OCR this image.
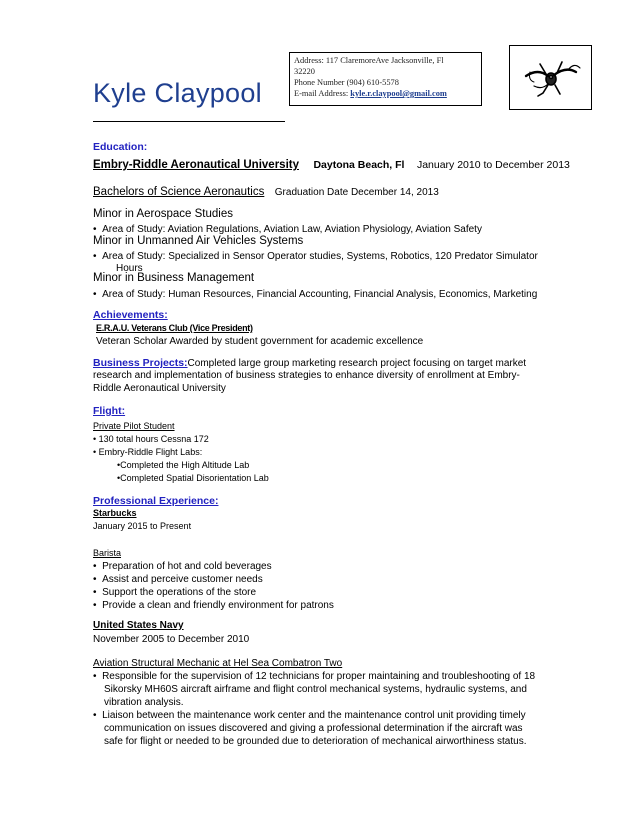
Kyle Claypool
Address: 117 ClaremoreAve Jacksonville, Fl
32220
Phone Number (904) 610-5578
E-mail Address: kyle.r.claypool@gmail.com
Education:
Embry-Riddle Aeronautical University Daytona Beach, Fl January 2010 to December 2013
Bachelors of Science Aeronautics Graduation Date December 14, 2013
Minor in Aerospace Studies
•  Area of Study: Aviation Regulations, Aviation Law, Aviation Physiology, Aviation Safety
Minor in Unmanned Air Vehicles Systems
•  Area of Study: Specialized in Sensor Operator studies, Systems, Robotics, 120 Predator Simulator
Hours
Minor in Business Management
•  Area of Study: Human Resources, Financial Accounting, Financial Analysis, Economics, Marketing
Achievements:
E.R.A.U. Veterans Club (Vice President)
Veteran Scholar Awarded by student government for academic excellence
Business Projects:Completed large group marketing research project focusing on target market
research and implementation of business strategies to enhance diversity of enrollment at Embry-
Riddle Aeronautical University
Flight:
Private Pilot Student
• 130 total hours Cessna 172
• Embry-Riddle Flight Labs:
•Completed the High Altitude Lab
•Completed Spatial Disorientation Lab
Professional Experience:
Starbucks
January 2015 to Present
Barista
•  Preparation of hot and cold beverages
•  Assist and perceive customer needs
•  Support the operations of the store
•  Provide a clean and friendly environment for patrons
United States Navy
November 2005 to December 2010
Aviation Structural Mechanic at Hel Sea Combatron Two
•  Responsible for the supervision of 12 technicians for proper maintaining and troubleshooting of 18
Sikorsky MH60S aircraft airframe and flight control mechanical systems, hydraulic systems, and
vibration analysis.
•  Liaison between the maintenance work center and the maintenance control unit providing timely
communication on issues discovered and giving a professional determination if the aircraft was
safe for flight or needed to be grounded due to deterioration of mechanical airworthiness status.
